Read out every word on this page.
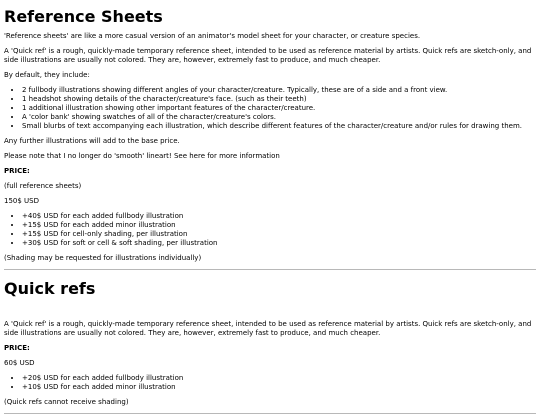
Reference Sheets

'Reference sheets' are like a more casual version of an animator's model sheet for your character, or creature species.

A 'Quick ref' is a rough, quickly-made temporary reference sheet, intended to be used as reference material by artists. Quick refs are sketch-only, and side illustrations are usually not colored. They are, however, extremely fast to produce, and much cheaper.

By default, they include:

• 2 fullbody illustrations showing different angles of your character/creature. Typically, these are of a side and a front view.
• 1 headshot showing details of the character/creature's face. (such as their teeth)
• 1 additional illustration showing other important features of the character/creature.
• A 'color bank' showing swatches of all of the character/creature's colors.
• Small blurbs of text accompanying each illustration, which describe different features of the character/creature and/or rules for drawing them.

Any further illustrations will add to the base price.

Please note that I no longer do 'smooth' lineart! See here for more information

PRICE:

(full reference sheets)

150$ USD

• +40$ USD for each added fullbody illustration
• +15$ USD for each added minor illustration
• +15$ USD for cell-only shading, per illustration
• +30$ USD for soft or cell & soft shading, per illustration

(Shading may be requested for illustrations individually)

Quick refs

A 'Quick ref' is a rough, quickly-made temporary reference sheet, intended to be used as reference material by artists. Quick refs are sketch-only, and side illustrations are usually not colored. They are, however, extremely fast to produce, and much cheaper.

PRICE:

60$ USD

• +20$ USD for each added fullbody illustration
• +10$ USD for each added minor illustration

(Quick refs cannot receive shading)
